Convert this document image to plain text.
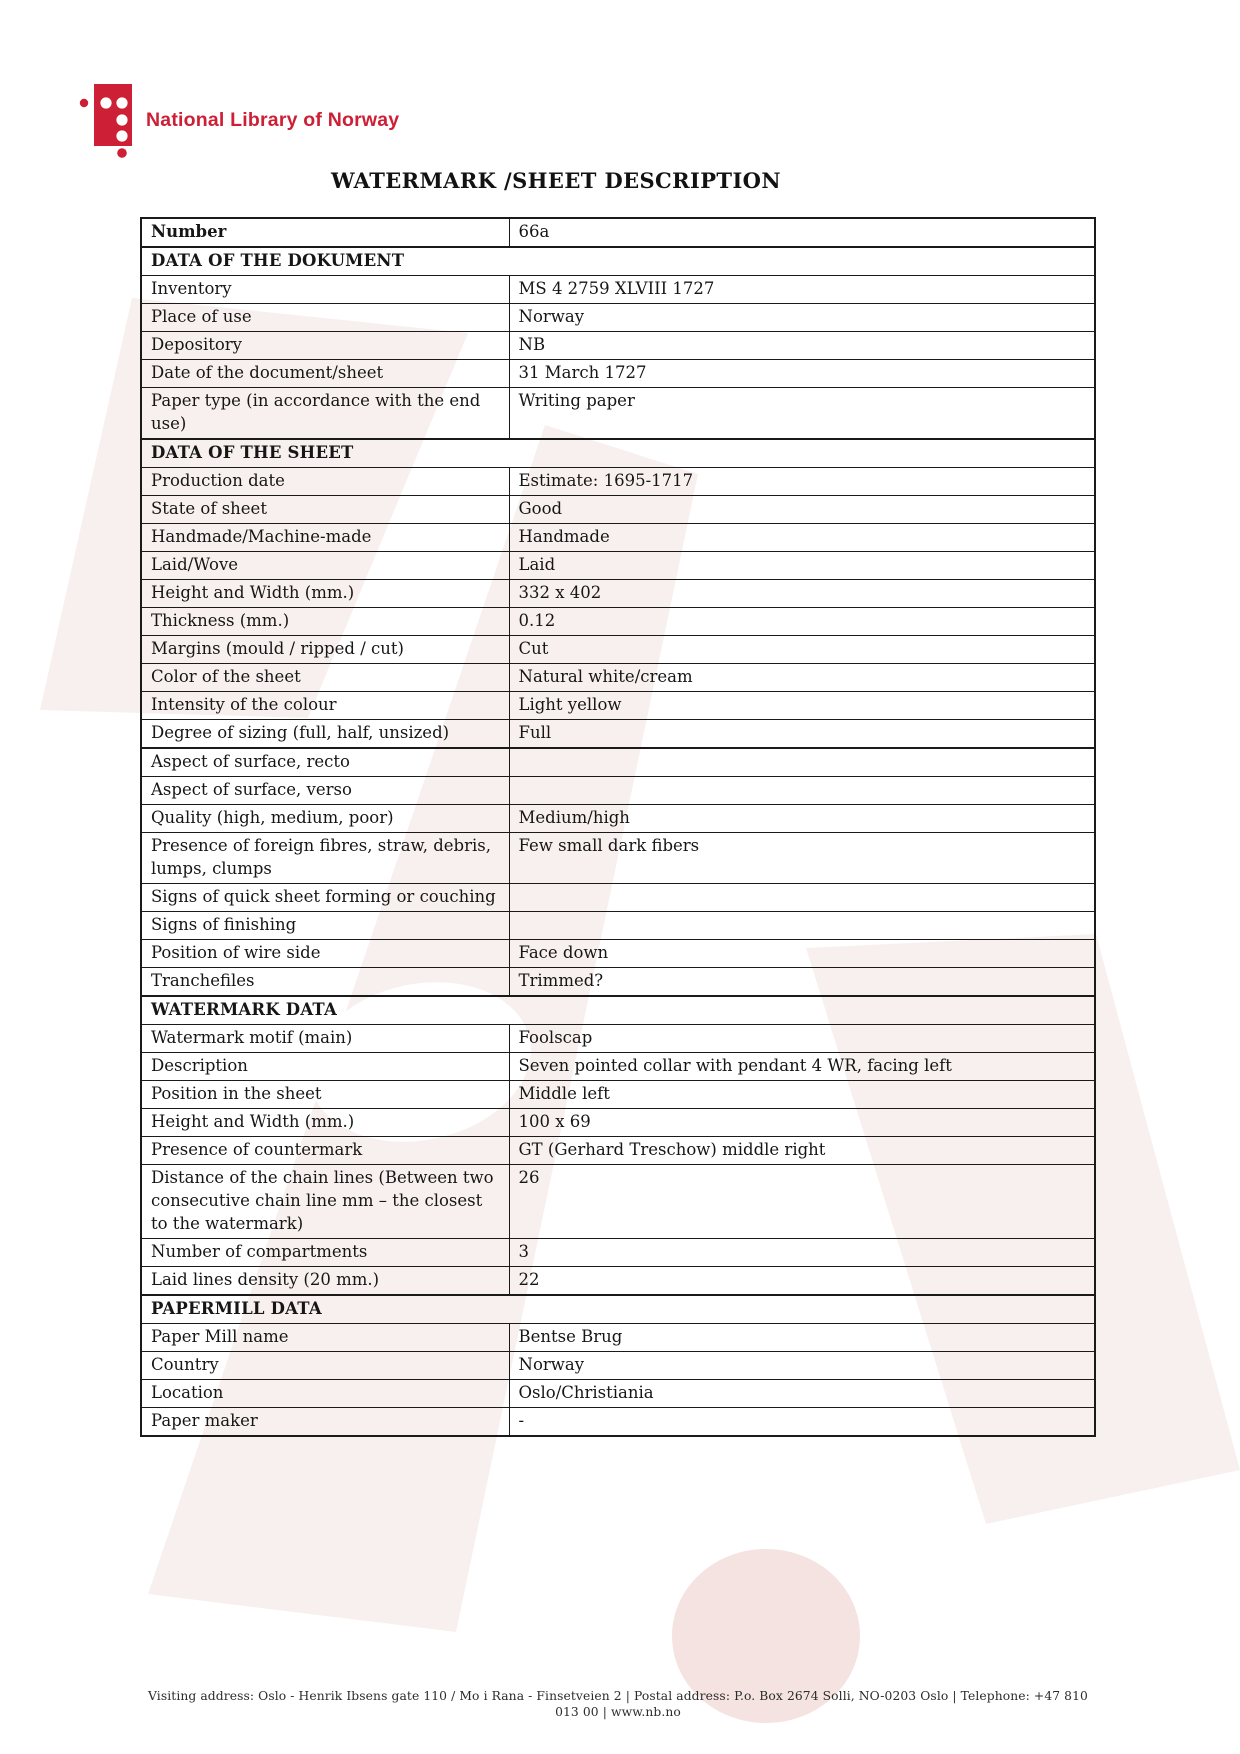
National Library of Norway
WATERMARK /SHEET DESCRIPTION
Number	66a
DATA OF THE DOKUMENT	
Inventory	MS 4 2759 XLVIII 1727
Place of use	Norway
Depository	NB
Date of the document/sheet	31 March 1727
Paper type (in accordance with the end use)	Writing paper
DATA OF THE SHEET	
Production date	Estimate: 1695-1717
State of sheet	Good
Handmade/Machine-made	Handmade
Laid/Wove	Laid
Height and Width (mm.)	332 x 402
Thickness (mm.)	0.12
Margins (mould / ripped / cut)	Cut
Color of the sheet	Natural white/cream
Intensity of the colour	Light yellow
Degree of sizing (full, half, unsized)	Full
Aspect of surface, recto	
Aspect of surface, verso	
Quality (high, medium, poor)	Medium/high
Presence of foreign fibres, straw, debris, lumps, clumps	Few small dark fibers
Signs of quick sheet forming or couching	
Signs of finishing	
Position of wire side	Face down
Tranchefiles	Trimmed?
WATERMARK DATA	
Watermark motif (main)	Foolscap
Description	Seven pointed collar with pendant 4 WR, facing left
Position in the sheet	Middle left
Height and Width (mm.)	100 x 69
Presence of countermark	GT (Gerhard Treschow) middle right
Distance of the chain lines (Between two consecutive chain line mm – the closest to the watermark)	26
Number of compartments	3
Laid lines density (20 mm.)	22
PAPERMILL DATA	
Paper Mill name	Bentse Brug
Country	Norway
Location	Oslo/Christiania
Paper maker	-
Visiting address: Oslo - Henrik Ibsens gate 110 / Mo i Rana - Finsetveien 2 | Postal address: P.o. Box 2674 Solli, NO-0203 Oslo | Telephone: +47 810 013 00 | www.nb.no
